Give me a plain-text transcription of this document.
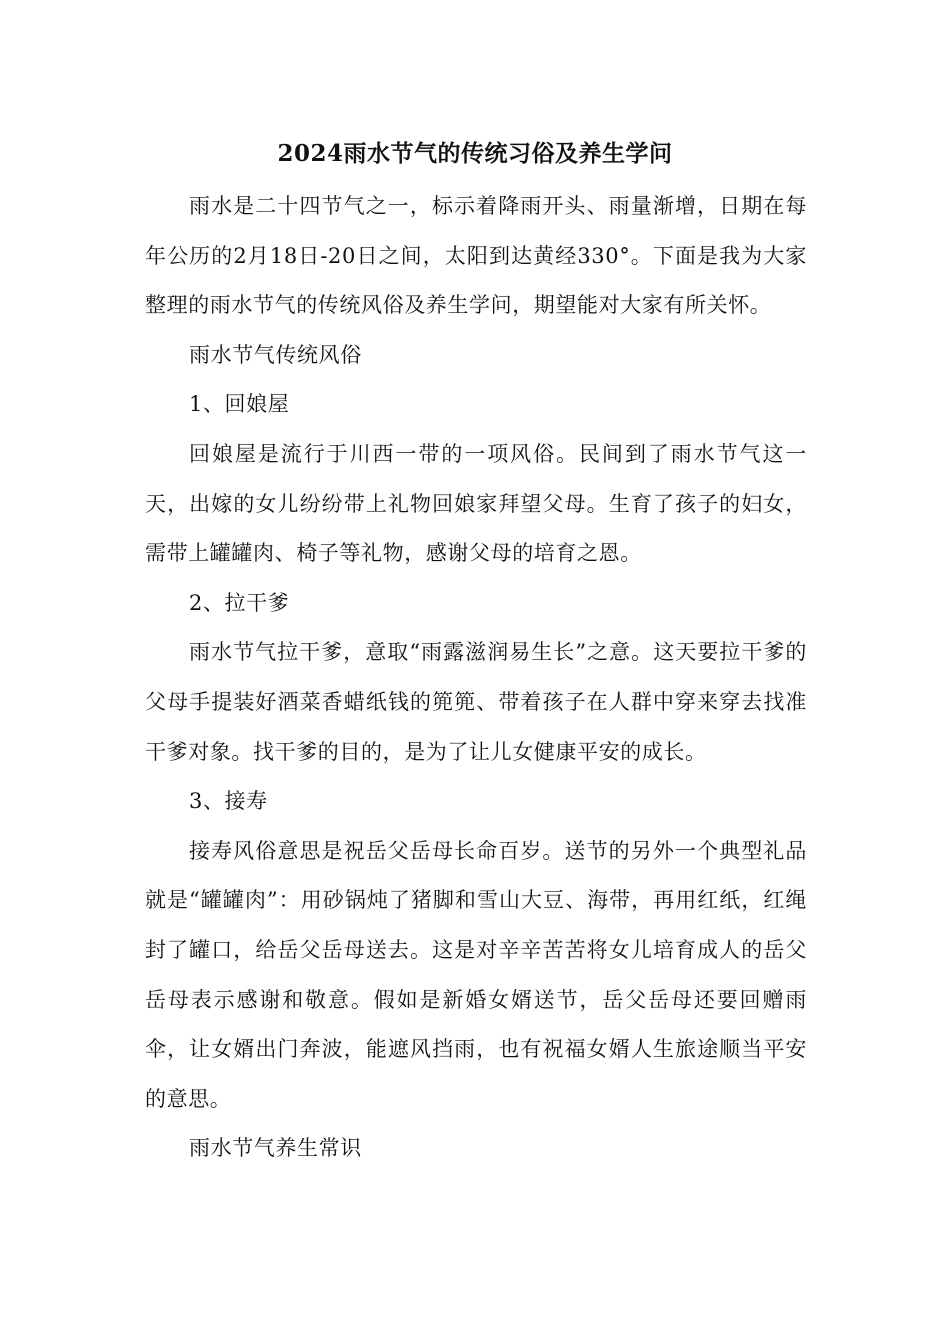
2024雨水节气的传统习俗及养生学问

雨水是二十四节气之一，标示着降雨开头、雨量渐增，日期在每年公历的2月18日-20日之间，太阳到达黄经330°。下面是我为大家整理的雨水节气的传统风俗及养生学问，期望能对大家有所关怀。

雨水节气传统风俗

1、回娘屋

回娘屋是流行于川西一带的一项风俗。民间到了雨水节气这一天，出嫁的女儿纷纷带上礼物回娘家拜望父母。生育了孩子的妇女，需带上罐罐肉、椅子等礼物，感谢父母的培育之恩。

2、拉干爹

雨水节气拉干爹，意取“雨露滋润易生长”之意。这天要拉干爹的父母手提装好酒菜香蜡纸钱的篼篼、带着孩子在人群中穿来穿去找准干爹对象。找干爹的目的，是为了让儿女健康平安的成长。

3、接寿

接寿风俗意思是祝岳父岳母长命百岁。送节的另外一个典型礼品就是“罐罐肉”：用砂锅炖了猪脚和雪山大豆、海带，再用红纸，红绳封了罐口，给岳父岳母送去。这是对辛辛苦苦将女儿培育成人的岳父岳母表示感谢和敬意。假如是新婚女婿送节，岳父岳母还要回赠雨伞，让女婿出门奔波，能遮风挡雨，也有祝福女婿人生旅途顺当平安的意思。

雨水节气养生常识
